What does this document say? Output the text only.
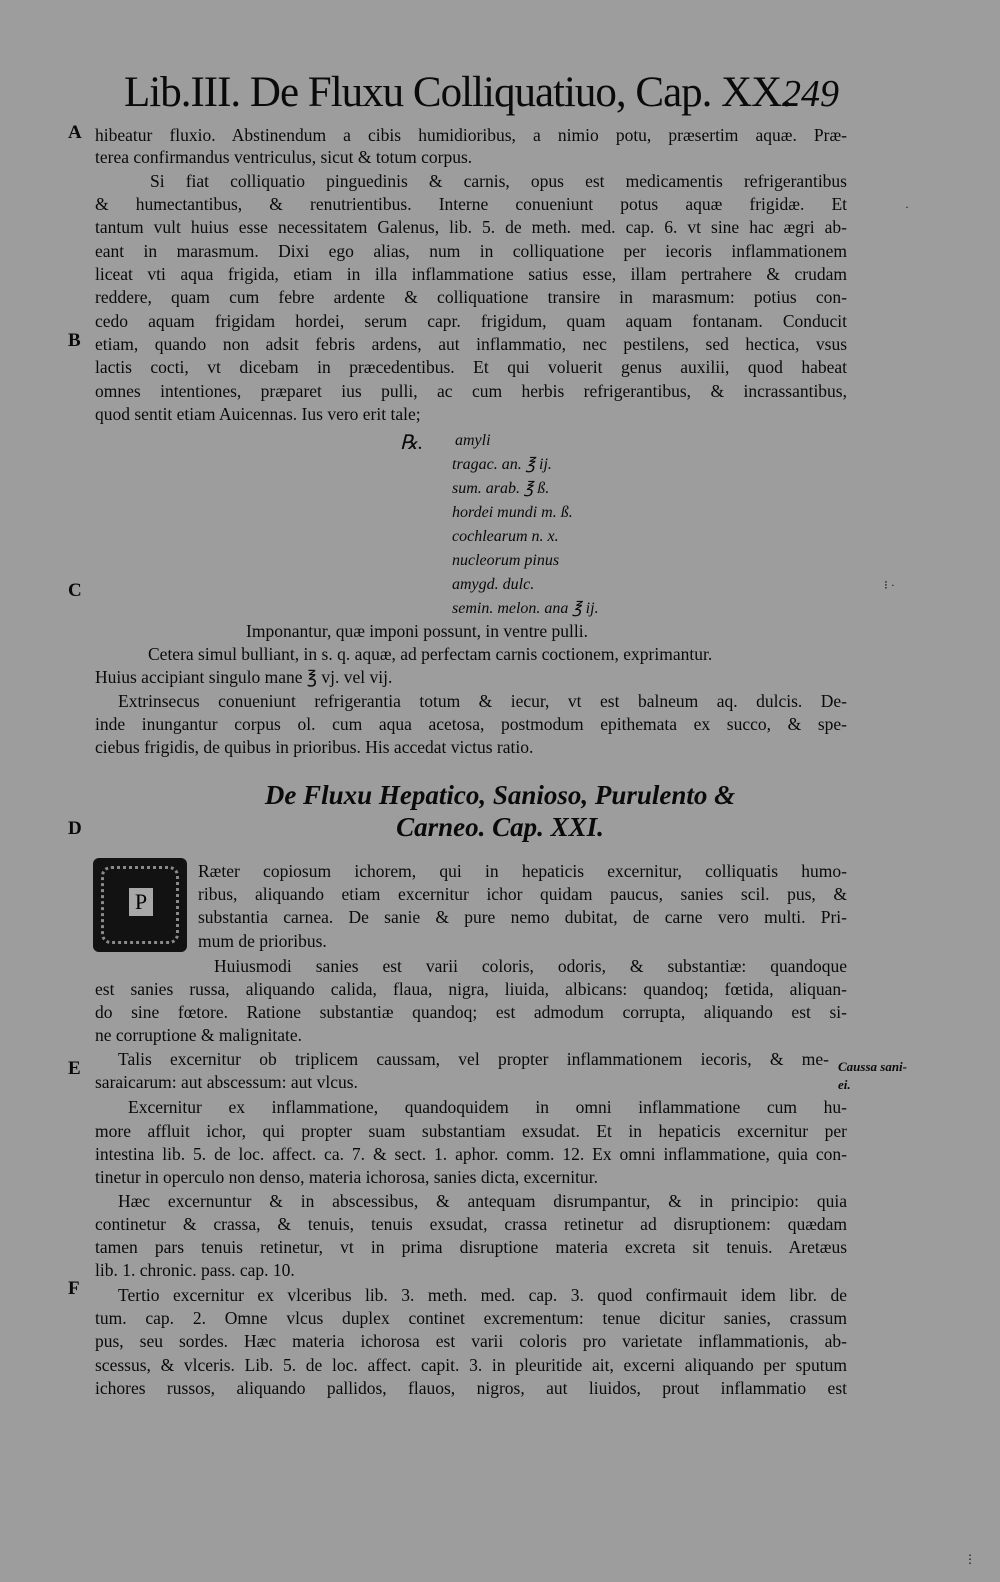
Lib.III. De Fluxu Colliquatiuo, Cap. XX.
249
A
B
C
D
E
F
hibeatur fluxio. Abstinendum a cibis humidioribus, a nimio potu, præsertim aquæ. Præ-
terea confirmandus ventriculus, sicut & totum corpus.
Si fiat colliquatio pinguedinis & carnis, opus est medicamentis refrigerantibus
& humectantibus, & renutrientibus. Interne conueniunt potus aquæ frigidæ. Et
tantum vult huius esse necessitatem Galenus, lib. 5. de meth. med. cap. 6. vt sine hac ægri ab-
eant in marasmum. Dixi ego alias, num in colliquatione per iecoris inflammationem
liceat vti aqua frigida, etiam in illa inflammatione satius esse, illam pertrahere & crudam
reddere, quam cum febre ardente & colliquatione transire in marasmum: potius con-
cedo aquam frigidam hordei, serum capr. frigidum, quam aquam fontanam. Conducit
etiam, quando non adsit febris ardens, aut inflammatio, nec pestilens, sed hectica, vsus
lactis cocti, vt dicebam in præcedentibus. Et qui voluerit genus auxilii, quod habeat
omnes intentiones, præparet ius pulli, ac cum herbis refrigerantibus, & incrassantibus,
quod sentit etiam Auicennas. Ius vero erit tale;
℞. amyli
tragac. an. ℥ ij.
sum. arab. ℥ ß.
hordei mundi m. ß.
cochlearum n. x.
nucleorum pinus
amygd. dulc.
semin. melon. ana ℥ ij.
Imponantur, quæ imponi possunt, in ventre pulli.
Cetera simul bulliant, in s. q. aquæ, ad perfectam carnis coctionem, exprimantur.
Huius accipiant singulo mane ℥ vj. vel vij.
Extrinsecus conueniunt refrigerantia totum & iecur, vt est balneum aq. dulcis. De-
inde inungantur corpus ol. cum aqua acetosa, postmodum epithemata ex succo, & spe-
ciebus frigidis, de quibus in prioribus. His accedat victus ratio.
De Fluxu Hepatico, Sanioso, Purulento &
Carneo. Cap. XXI.
P
Ræter copiosum ichorem, qui in hepaticis excernitur, colliquatis humo-
ribus, aliquando etiam excernitur ichor quidam paucus, sanies scil. pus, &
substantia carnea. De sanie & pure nemo dubitat, de carne vero multi. Pri-
mum de prioribus.
Huiusmodi sanies est varii coloris, odoris, & substantiæ: quandoque
est sanies russa, aliquando calida, flaua, nigra, liuida, albicans: quandoq; fœtida, aliquan-
do sine fœtore. Ratione substantiæ quandoq; est admodum corrupta, aliquando est si-
ne corruptione & malignitate.
Talis excernitur ob triplicem caussam, vel propter inflammationem iecoris, & me-
saraicarum: aut abscessum: aut vlcus.
Excernitur ex inflammatione, quandoquidem in omni inflammatione cum hu-
more affluit ichor, qui propter suam substantiam exsudat. Et in hepaticis excernitur per
intestina lib. 5. de loc. affect. ca. 7. & sect. 1. aphor. comm. 12. Ex omni inflammatione, quia con-
tinetur in operculo non denso, materia ichorosa, sanies dicta, excernitur.
Hæc excernuntur & in abscessibus, & antequam disrumpantur, & in principio: quia
continetur & crassa, & tenuis, tenuis exsudat, crassa retinetur ad disruptionem: quædam
tamen pars tenuis retinetur, vt in prima disruptione materia excreta sit tenuis. Aretæus
lib. 1. chronic. pass. cap. 10.
Tertio excernitur ex vlceribus lib. 3. meth. med. cap. 3. quod confirmauit idem libr. de
tum. cap. 2. Omne vlcus duplex continet excrementum: tenue dicitur sanies, crassum
pus, seu sordes. Hæc materia ichorosa est varii coloris pro varietate inflammationis, ab-
scessus, & vlceris. Lib. 5. de loc. affect. capit. 3. in pleuritide ait, excerni aliquando per sputum
ichores russos, aliquando pallidos, flauos, nigros, aut liuidos, prout inflammatio est
Caussa sani-
ei.
⁝ ·
·
⋮
